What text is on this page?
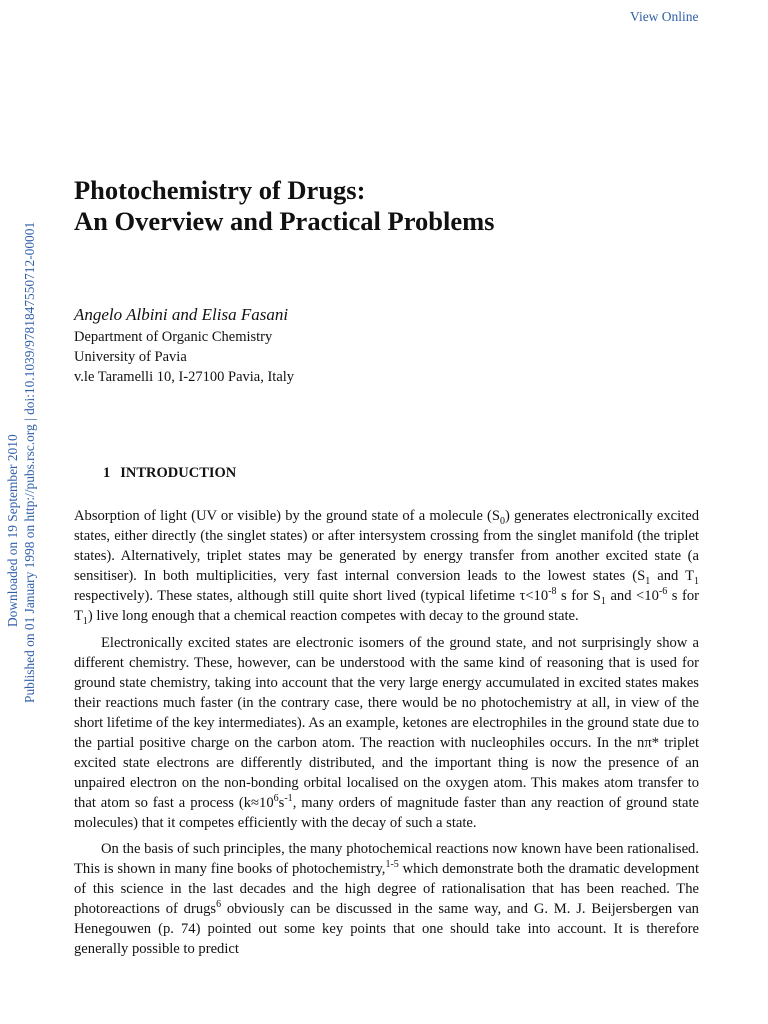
View Online
Downloaded on 19 September 2010 Published on 01 January 1998 on http://pubs.rsc.org | doi:10.1039/9781847550712-00001
Photochemistry of Drugs:
An Overview and Practical Problems
Angelo Albini and Elisa Fasani
Department of Organic Chemistry
University of Pavia
v.le Taramelli 10, I-27100 Pavia, Italy
1 INTRODUCTION

Absorption of light (UV or visible) by the ground state of a molecule $(S_0)$ generates electronically excited states, either directly (the singlet states) or after intersystem crossing from the singlet manifold (the triplet states). Alternatively, triplet states may be generated by energy transfer from another excited state (a sensitiser). In both multiplicities, very fast internal conversion leads to the lowest states ($S_1$ and $T_1$ respectively). These states, although still quite short lived (typical lifetime $\tau<10^{-8}$ s for $S_1$ and $<10^{-6}$ s for $T_1$) live long enough that a chemical reaction competes with decay to the ground state.

Electronically excited states are electronic isomers of the ground state, and not surprisingly show a different chemistry. These, however, can be understood with the same kind of reasoning that is used for ground state chemistry, taking into account that the very large energy accumulated in excited states makes their reactions much faster (in the contrary case, there would be no photochemistry at all, in view of the short lifetime of the key intermediates). As an example, ketones are electrophiles in the ground state due to the partial positive charge on the carbon atom. The reaction with nucleophiles occurs. In the nπ* triplet excited state electrons are differently distributed, and the important thing is now the presence of an unpaired electron on the non-bonding orbital localised on the oxygen atom. This makes atom transfer to that atom so fast a process ($k\approx 10^6s^{-1}$, many orders of magnitude faster than any reaction of ground state molecules) that it competes efficiently with the decay of such a state.

On the basis of such principles, the many photochemical reactions now known have been rationalised. This is shown in many fine books of photochemistry,$^{1-5}$ which demonstrate both the dramatic development of this science in the last decades and the high degree of rationalisation that has been reached. The photoreactions of drugs$^6$ obviously can be discussed in the same way, and G. M. J. Beijersbergen van Henegouwen (p. 74) pointed out some key points that one should take into account. It is therefore generally possible to predict
